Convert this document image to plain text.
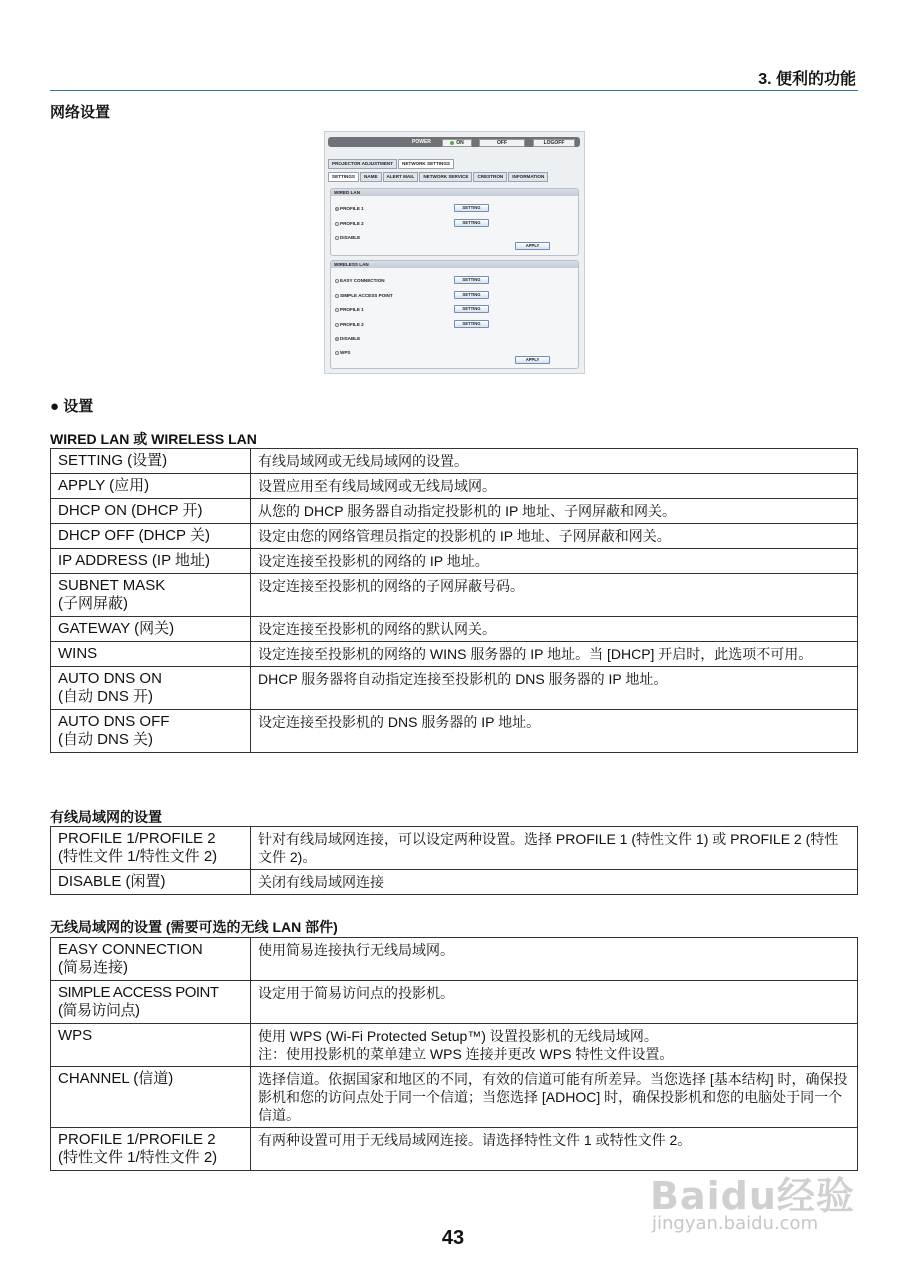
3. 便利的功能
网络设置
POWER	ON	OFF	LOGOFF
PROJECTOR ADJUSTMENT	NETWORK SETTINGS
SETTINGS	NAME	ALERT MAIL	NETWORK SERVICE	CRESTRON	INFORMATION
WIRED LAN
PROFILE 1
PROFILE 2
DISABLE
SETTING
SETTING
APPLY
WIRELESS LAN
EASY CONNECTION
SIMPLE ACCESS POINT
PROFILE 1
PROFILE 2
DISABLE
WPS
SETTING
SETTING
SETTING
SETTING
APPLY
● 设置
WIRED LAN 或 WIRELESS LAN
SETTING (设置)	有线局域网或无线局域网的设置。
APPLY (应用)	设置应用至有线局域网或无线局域网。
DHCP ON (DHCP 开)	从您的 DHCP 服务器自动指定投影机的 IP 地址、子网屏蔽和网关。
DHCP OFF (DHCP 关)	设定由您的网络管理员指定的投影机的 IP 地址、子网屏蔽和网关。
IP ADDRESS (IP 地址)	设定连接至投影机的网络的 IP 地址。
SUBNET MASK
(子网屏蔽)	设定连接至投影机的网络的子网屏蔽号码。
GATEWAY (网关)	设定连接至投影机的网络的默认网关。
WINS	设定连接至投影机的网络的 WINS 服务器的 IP 地址。当 [DHCP] 开启时，此选项不可用。
AUTO DNS ON
(自动 DNS 开)	DHCP 服务器将自动指定连接至投影机的 DNS 服务器的 IP 地址。
AUTO DNS OFF
(自动 DNS 关)	设定连接至投影机的 DNS 服务器的 IP 地址。
有线局域网的设置
PROFILE 1/PROFILE 2
(特性文件 1/特性文件 2)	针对有线局域网连接，可以设定两种设置。选择 PROFILE 1 (特性文件 1) 或 PROFILE 2 (特性文件 2)。
DISABLE (闲置)	关闭有线局域网连接
无线局域网的设置 (需要可选的无线 LAN 部件)
EASY CONNECTION
(简易连接)	使用简易连接执行无线局域网。
SIMPLE ACCESS POINT
(简易访问点)	设定用于简易访问点的投影机。
WPS	使用 WPS (Wi-Fi Protected Setup™) 设置投影机的无线局域网。
注：使用投影机的菜单建立 WPS 连接并更改 WPS 特性文件设置。
CHANNEL (信道)	选择信道。依据国家和地区的不同，有效的信道可能有所差异。当您选择 [基本结构] 时，确保投影机和您的访问点处于同一个信道；当您选择 [ADHOC] 时，确保投影机和您的电脑处于同一个信道。
PROFILE 1/PROFILE 2
(特性文件 1/特性文件 2)	有两种设置可用于无线局域网连接。请选择特性文件 1 或特性文件 2。
43
Baidu经验
jingyan.baidu.com
